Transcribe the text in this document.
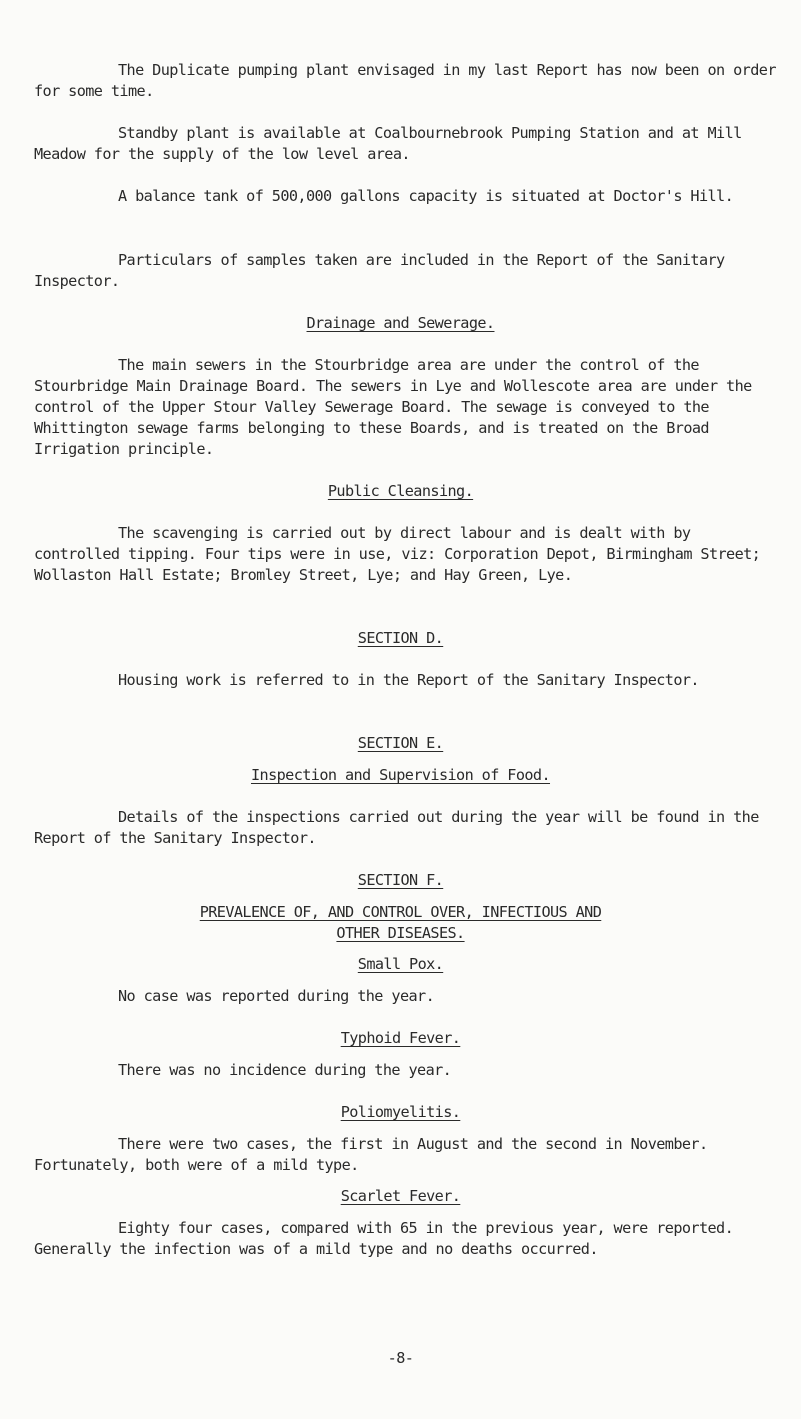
The Duplicate pumping plant envisaged in my last Report has now been on order for some time.

Standby plant is available at Coalbournebrook Pumping Station and at Mill Meadow for the supply of the low level area.

A balance tank of 500,000 gallons capacity is situated at Doctor's Hill.

Particulars of samples taken are included in the Report of the Sanitary Inspector.

Drainage and Sewerage.

The main sewers in the Stourbridge area are under the control of the Stourbridge Main Drainage Board. The sewers in Lye and Wollescote area are under the control of the Upper Stour Valley Sewerage Board. The sewage is conveyed to the Whittington sewage farms belonging to these Boards, and is treated on the Broad Irrigation principle.

Public Cleansing.

The scavenging is carried out by direct labour and is dealt with by controlled tipping. Four tips were in use, viz: Corporation Depot, Birmingham Street; Wollaston Hall Estate; Bromley Street, Lye; and Hay Green, Lye.

SECTION D.

Housing work is referred to in the Report of the Sanitary Inspector.

SECTION E.

Inspection and Supervision of Food.

Details of the inspections carried out during the year will be found in the Report of the Sanitary Inspector.

SECTION F.

PREVALENCE OF, AND CONTROL OVER, INFECTIOUS AND

OTHER DISEASES.

Small Pox.

No case was reported during the year.

Typhoid Fever.

There was no incidence during the year.

Poliomyelitis.

There were two cases, the first in August and the second in November. Fortunately, both were of a mild type.

Scarlet Fever.

Eighty four cases, compared with 65 in the previous year, were reported. Generally the infection was of a mild type and no deaths occurred.

-8-
